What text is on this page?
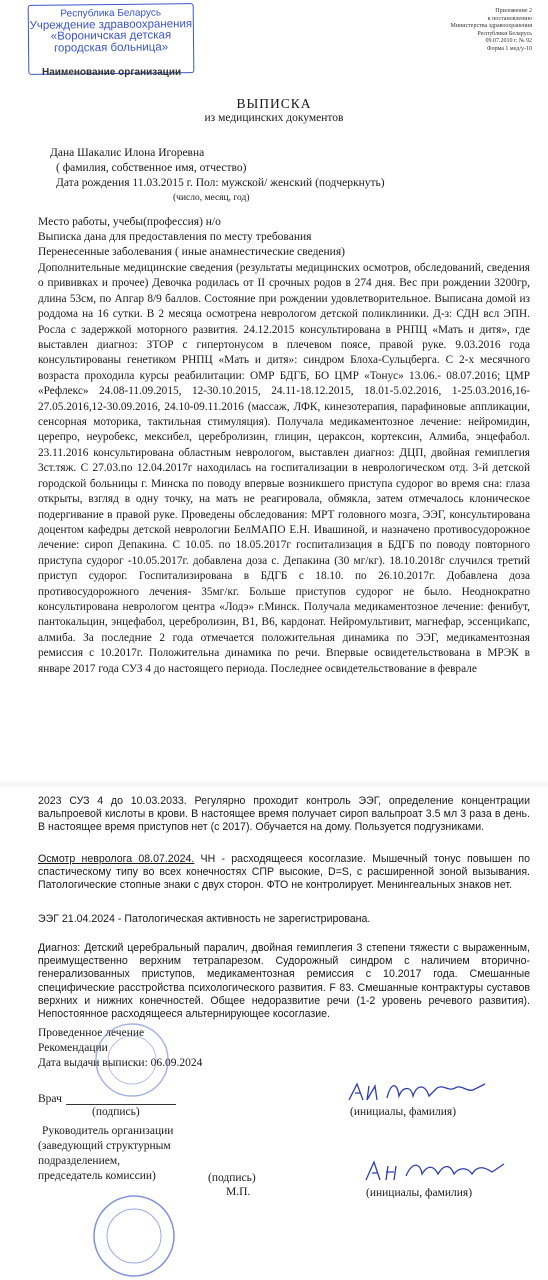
Республика Беларусь
Учреждение здравоохранения
«Вороничская детская
городская больница»
Наименование организации
Приложение 2
к постановлению
Министерства здравоохранения
Республики Беларусь
09.07.2010 г. № 92
Форма 1 мед/у-10
ВЫПИСКА
из медицинских документов
Дана Шакалис Илона Игоревна
( фамилия, собственное имя, отчество)
Дата рождения 11.03.2015 г. Пол: мужской/ женский (подчеркнуть)
(число, месяц, год)
Место работы, учебы(профессия) н/о
Выписка дана для предоставления по месту требования
Перенесенные заболевания ( иные анамнестические сведения)
Дополнительные медицинские сведения (результаты медицинских осмотров, обследований, сведения о прививках и прочее) Девочка родилась от II срочных родов в 274 дня. Вес при рождении 3200гр, длина 53см, по Апгар 8/9 баллов. Состояние при рождении удовлетворительное. Выписана домой из роддома на 16 сутки. В 2 месяца осмотрена неврологом детской поликлиники. Д-з: СДН всл ЭПН. Росла с задержкой моторного развития. 24.12.2015 консультирована в РНПЦ «Мать и дитя», где выставлен диагноз: ЗТОР с гипертонусом в плечевом поясе, правой руке. 9.03.2016 года консультированы генетиком РНПЦ «Мать и дитя»: синдром Блоха-Сульцберга. С 2-х месячного возраста проходила курсы реабилитации: ОМР БДГБ, БО ЦМР «Тонус» 13.06.- 08.07.2016; ЦМР «Рефлекс» 24.08-11.09.2015, 12-30.10.2015, 24.11-18.12.2015, 18.01-5.02.2016, 1-25.03.2016,16-27.05.2016,12-30.09.2016, 24.10-09.11.2016 (массаж, ЛФК, кинезотерапия, парафиновые аппликации, сенсорная моторика, тактильная стимуляция). Получала медикаментозное лечение: нейромидин, церепро, неуробекс, мексибел, церебролизин, глицин, цераксон, кортексин, Алмиба, энцефабол. 23.11.2016 консультирована областным неврологом, выставлен диагноз: ДЦП, двойная гемиплегия 3ст.тяж. С 27.03.по 12.04.2017г находилась на госпитализации в неврологическом отд. 3-й детской городской больницы г. Минска по поводу впервые возникшего приступа судорог во время сна: глаза открыты, взгляд в одну точку, на мать не реагировала, обмякла, затем отмечалось клоническое подергивание в правой руке. Проведены обследования: МРТ головного мозга, ЭЭГ, консультирована доцентом кафедры детской неврологии БелМАПО Е.Н. Ивашиной, и назначено противосудорожное лечение: сироп Депакина. С 10.05. по 18.05.2017г госпитализация в БДГБ по поводу повторного приступа судорог -10.05.2017г. добавлена доза с. Депакина (30 мг/кг). 18.10.2018г случился третий приступ судорог. Госпитализирована в БДГБ с 18.10. по 26.10.2017г. Добавлена доза противосудорожного лечения- 35мг/кг. Больше приступов судорог не было. Неоднократно консультирована неврологом центра «Лодэ» г.Минск. Получала медикаментозное лечение: фенибут, пантокальцин, энцефабол, церебролизин, В1, В6, кардонат. Нейромультивит, магнефар, эссенциkапс, алмиба. За последние 2 года отмечается положительная динамика по ЭЭГ, медикаментозная ремиссия с 10.2017г. Положительна динамика по речи. Впервые освидетельствована в МРЭК в январе 2017 года СУЗ 4 до настоящего периода. Последнее освидетельствование в феврале
2023 СУЗ 4 до 10.03.2033. Регулярно проходит контроль ЭЭГ, определение концентрации вальпроевой кислоты в крови. В настоящее время получает сироп вальпроат 3.5 мл 3 раза в день. В настоящее время приступов нет (с 2017). Обучается на дому. Пользуется подгузниками.
Осмотр невролога 08.07.2024. ЧН - расходящееся косоглазие. Мышечный тонус повышен по спастическому типу во всех конечностях СПР высокие, D=S, с расширенной зоной вызывания. Патологические стопные знаки с двух сторон. ФТО не контролирует. Менингеальных знаков нет.
ЭЭГ 21.04.2024 - Патологическая активность не зарегистрирована.
Диагноз: Детский церебральный паралич, двойная гемиплегия 3 степени тяжести с выраженным, преимущественно верхним тетрапарезом. Судорожный синдром с наличием вторично-генерализованных приступов, медикаментозная ремиссия с 10.2017 года. Смешанные специфические расстройства психологического развития. F 83. Смешанные контрактуры суставов верхних и нижних конечностей. Общее недоразвитие речи (1-2 уровень речевого развития). Непостоянное расходящееся альтернирующее косоглазие.
Проведенное лечение
Рекомендации
Дата выдачи выписки: 06.09.2024
Врач
(подпись)	(инициалы, фамилия)
Руководитель организации
(заведующий структурным
подразделением,
председатель комиссии)	(подпись)
М.П.	(инициалы, фамилия)
